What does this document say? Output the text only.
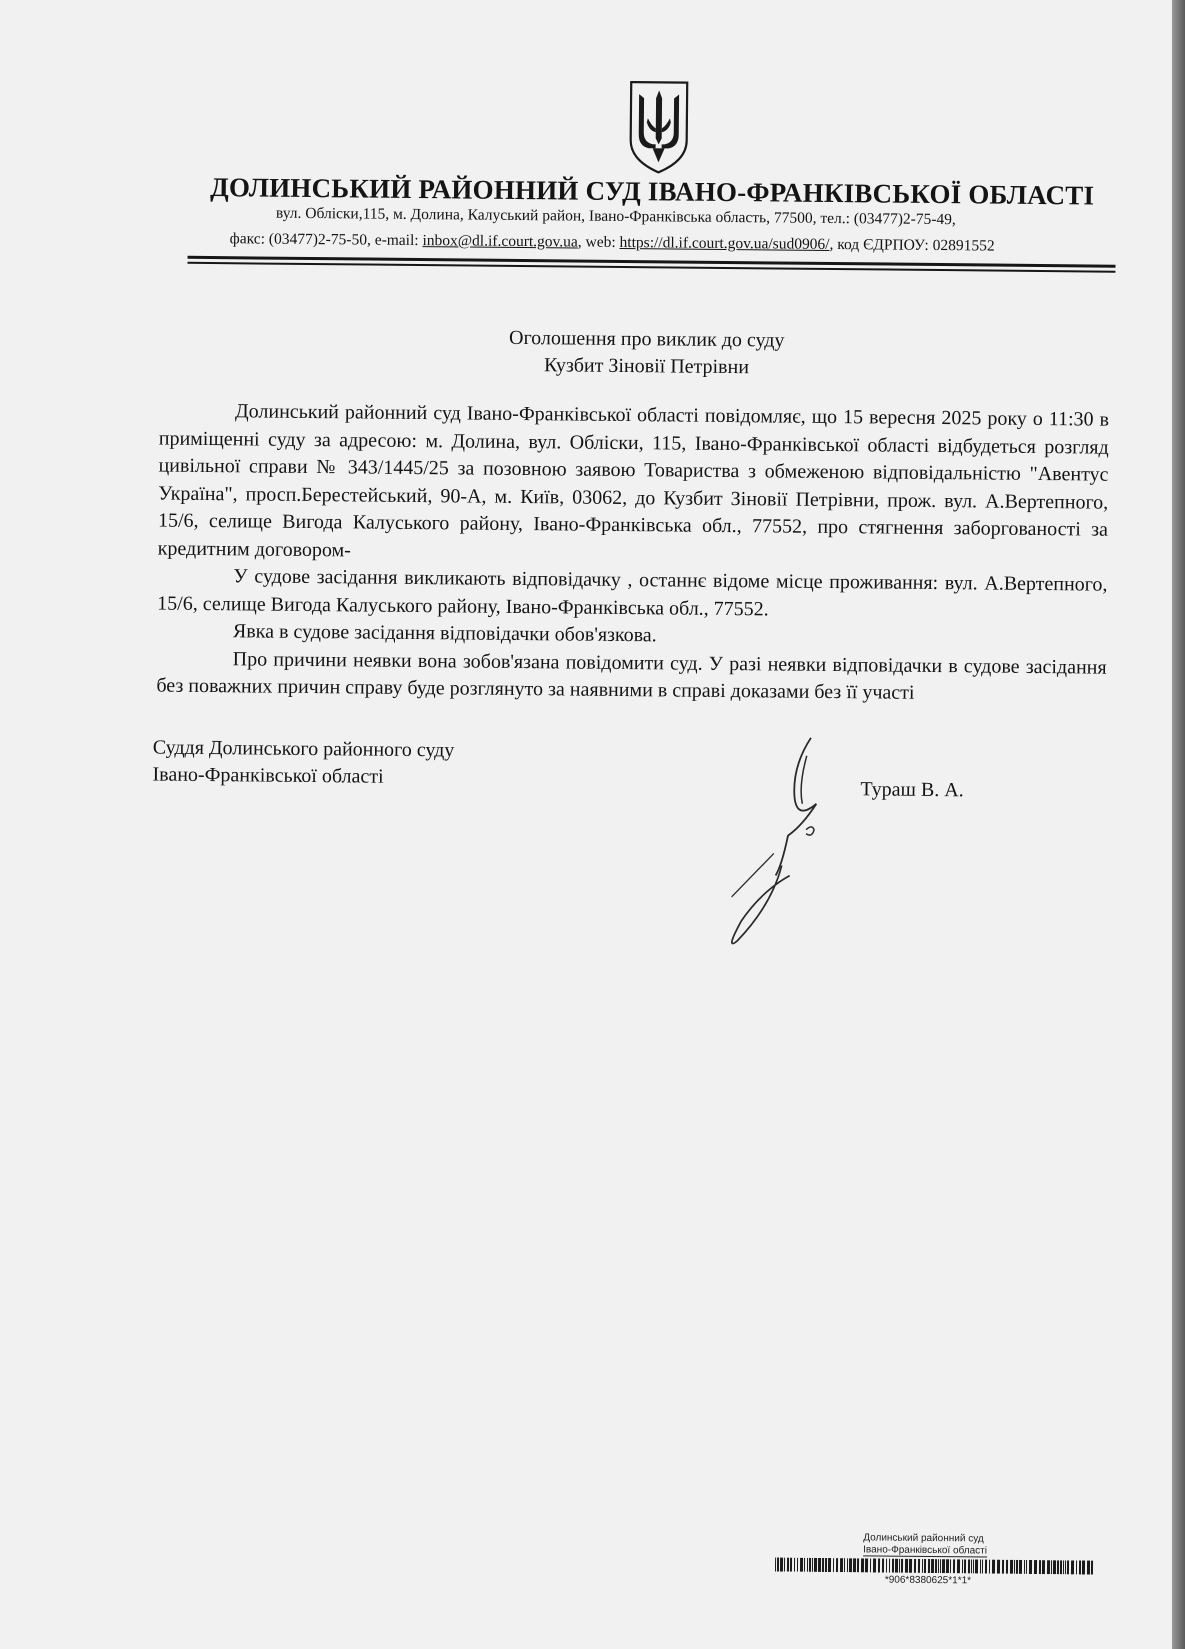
ДОЛИНСЬКИЙ РАЙОННИЙ СУД ІВАНО-ФРАНКІВСЬКОЇ ОБЛАСТІ
вул. Обліски,115, м. Долина, Калуський район, Івано-Франківська область, 77500, тел.: (03477)2-75-49,
факс: (03477)2-75-50, e-mail: inbox@dl.if.court.gov.ua, web: https://dl.if.court.gov.ua/sud0906/, код ЄДРПОУ: 02891552
Оголошення про виклик до суду
Кузбит Зіновії Петрівни

Долинський районний суд Івано-Франківської області повідомляє, що 15 вересня 2025 року о 11:30 в приміщенні суду за адресою: м. Долина, вул. Обліски, 115, Івано-Франківської області відбудеться розгляд цивільної справи № 343/1445/25 за позовною заявою Товариства з обмеженою відповідальністю "Авентус Україна", просп.Берестейський, 90-А, м. Київ, 03062, до Кузбит Зіновії Петрівни, прож. вул. А.Вертепного, 15/6, селище Вигода Калуського району, Івано-Франківська обл., 77552, про стягнення заборгованості за кредитним договором-

У судове засідання викликають відповідачку , останнє відоме місце проживання: вул. А.Вертепного, 15/6, селище Вигода Калуського району, Івано-Франківська обл., 77552.

Явка в судове засідання відповідачки обов'язкова.

Про причини неявки вона зобов'язана повідомити суд. У разі неявки відповідачки в судове засідання без поважних причин справу буде розглянуто за наявними в справі доказами без її участі

Суддя Долинського районного суду
Івано-Франківської області
Тураш В. А.
Долинський районний суд
Івано-Франківської області
*906*8380625*1*1*
